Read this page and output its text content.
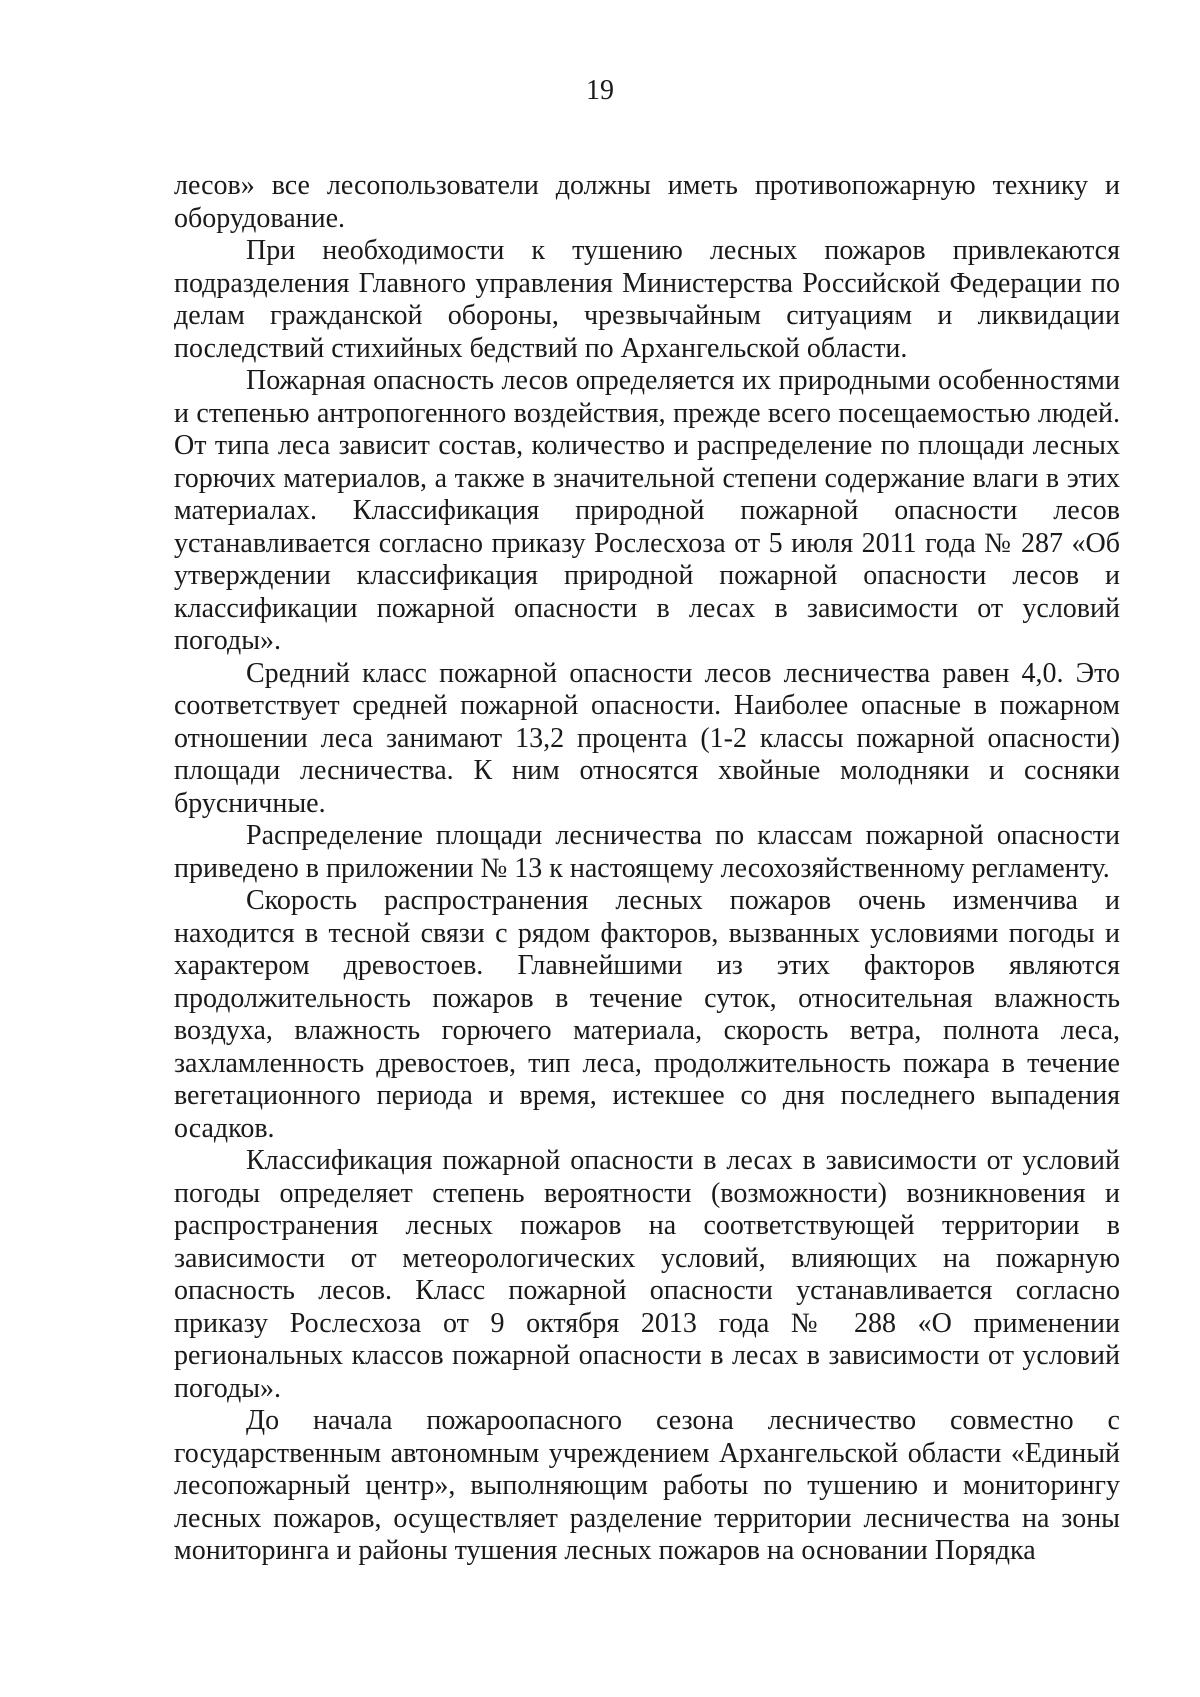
19

лесов» все лесопользователи должны иметь противопожарную технику и оборудование.

При необходимости к тушению лесных пожаров привлекаются подразделения Главного управления Министерства Российской Федерации по делам гражданской обороны, чрезвычайным ситуациям и ликвидации последствий стихийных бедствий по Архангельской области.

Пожарная опасность лесов определяется их природными особенностями и степенью антропогенного воздействия, прежде всего посещаемостью людей. От типа леса зависит состав, количество и распределение по площади лесных горючих материалов, а также в значительной степени содержание влаги в этих материалах. Классификация природной пожарной опасности лесов устанавливается согласно приказу Рослесхоза от 5 июля 2011 года № 287 «Об утверждении классификация природной пожарной опасности лесов и классификации пожарной опасности в лесах в зависимости от условий погоды».

Средний класс пожарной опасности лесов лесничества равен 4,0. Это соответствует средней пожарной опасности. Наиболее опасные в пожарном отношении леса занимают 13,2 процента (1-2 классы пожарной опасности) площади лесничества. К ним относятся хвойные молодняки и сосняки брусничные.

Распределение площади лесничества по классам пожарной опасности приведено в приложении № 13 к настоящему лесохозяйственному регламенту.

Скорость распространения лесных пожаров очень изменчива и находится в тесной связи с рядом факторов, вызванных условиями погоды и характером древостоев. Главнейшими из этих факторов являются продолжительность пожаров в течение суток, относительная влажность воздуха, влажность горючего материала, скорость ветра, полнота леса, захламленность древостоев, тип леса, продолжительность пожара в течение вегетационного периода и время, истекшее со дня последнего выпадения осадков.

Классификация пожарной опасности в лесах в зависимости от условий погоды определяет степень вероятности (возможности) возникновения и распространения лесных пожаров на соответствующей территории в зависимости от метеорологических условий, влияющих на пожарную опасность лесов. Класс пожарной опасности устанавливается согласно приказу Рослесхоза от 9 октября 2013 года № 288 «О применении региональных классов пожарной опасности в лесах в зависимости от условий погоды».

До начала пожароопасного сезона лесничество совместно с государственным автономным учреждением Архангельской области «Единый лесопожарный центр», выполняющим работы по тушению и мониторингу лесных пожаров, осуществляет разделение территории лесничества на зоны мониторинга и районы тушения лесных пожаров на основании Порядка
